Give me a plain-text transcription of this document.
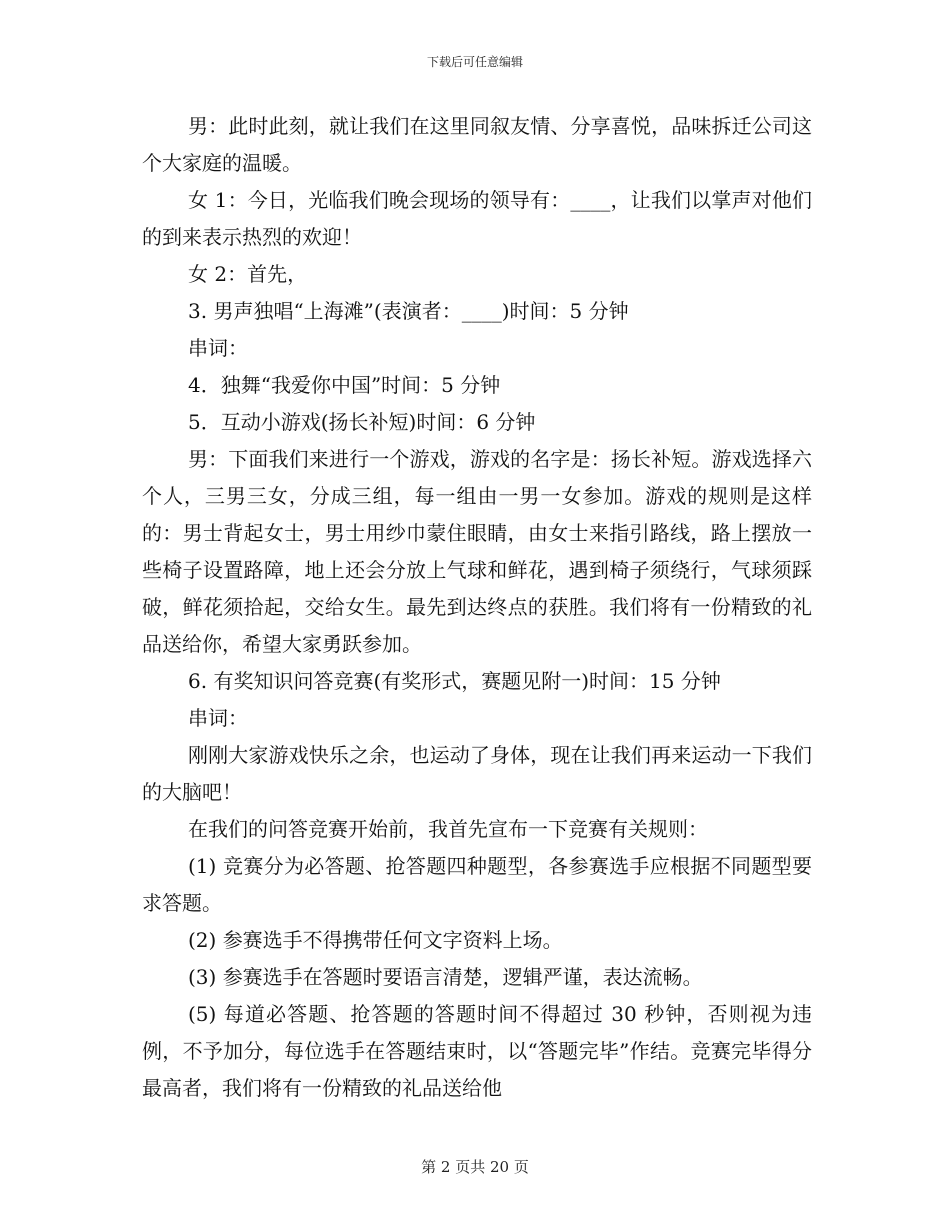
下载后可任意编辑

男：此时此刻，就让我们在这里同叙友情、分享喜悦，品味拆迁公司这个大家庭的温暖。

女 1：今日，光临我们晚会现场的领导有：____，让我们以掌声对他们的到来表示热烈的欢迎！

女 2：首先，

3. 男声独唱“上海滩”(表演者：____)时间：5 分钟

串词：

4．独舞“我爱你中国”时间：5 分钟

5．互动小游戏(扬长补短)时间：6 分钟

男：下面我们来进行一个游戏，游戏的名字是：扬长补短。游戏选择六个人，三男三女，分成三组，每一组由一男一女参加。游戏的规则是这样的：男士背起女士，男士用纱巾蒙住眼睛，由女士来指引路线，路上摆放一些椅子设置路障，地上还会分放上气球和鲜花，遇到椅子须绕行，气球须踩破，鲜花须拾起，交给女生。最先到达终点的获胜。我们将有一份精致的礼品送给你，希望大家勇跃参加。

6. 有奖知识问答竞赛(有奖形式，赛题见附一)时间：15 分钟

串词：

刚刚大家游戏快乐之余，也运动了身体，现在让我们再来运动一下我们的大脑吧！

在我们的问答竞赛开始前，我首先宣布一下竞赛有关规则：

(1) 竞赛分为必答题、抢答题四种题型，各参赛选手应根据不同题型要求答题。

(2) 参赛选手不得携带任何文字资料上场。

(3) 参赛选手在答题时要语言清楚，逻辑严谨，表达流畅。

(5) 每道必答题、抢答题的答题时间不得超过 30 秒钟，否则视为违例，不予加分，每位选手在答题结束时，以“答题完毕”作结。竞赛完毕得分最高者，我们将有一份精致的礼品送给他

第 2 页共 20 页
